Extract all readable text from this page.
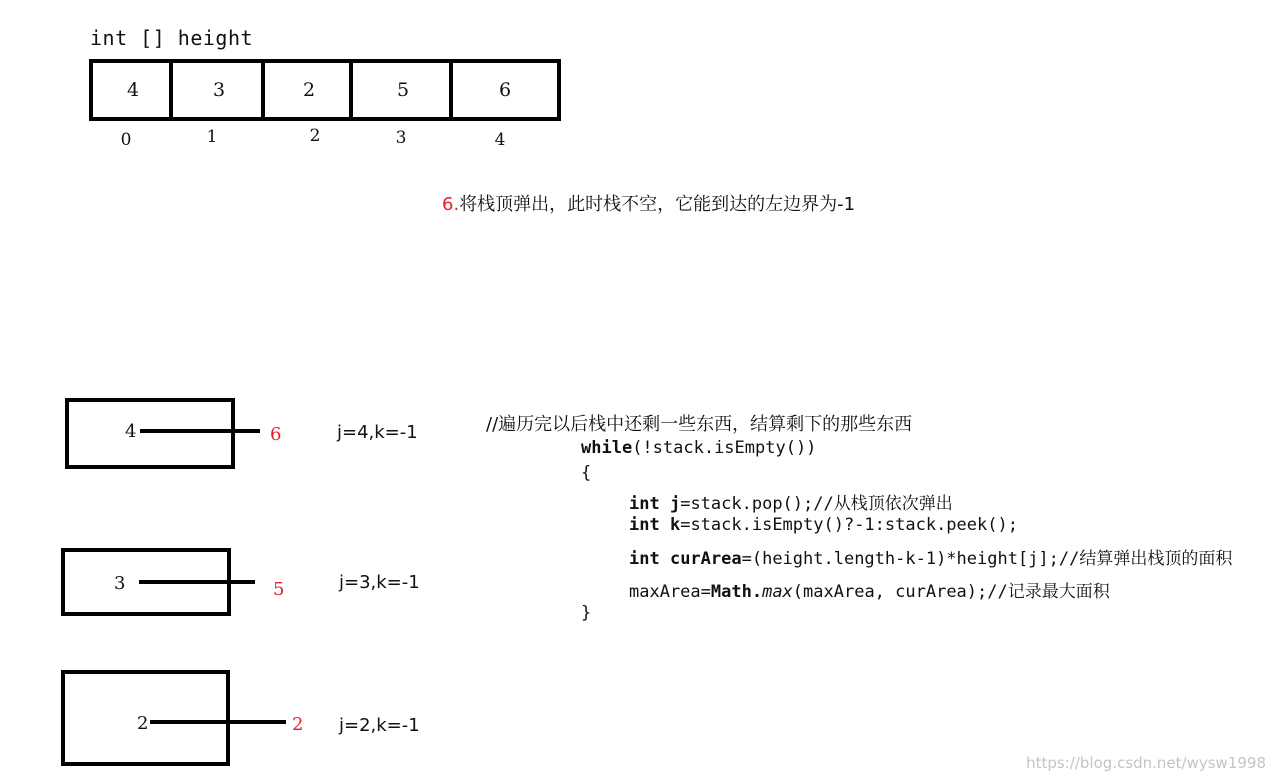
int [] height
4	3	2	5	6
0	1	2	3	4
6.将栈顶弹出，此时栈不空，它能到达的左边界为-1
4	6	j=4,k=-1
3	5	j=3,k=-1
2	2 j=2,k=-1
//遍历完以后栈中还剩一些东西，结算剩下的那些东西
while(!stack.isEmpty())
{
int j=stack.pop();//从栈顶依次弹出
int k=stack.isEmpty()?-1:stack.peek();
int curArea=(height.length-k-1)*height[j];//结算弹出栈顶的面积
maxArea=Math.max(maxArea, curArea);//记录最大面积
}
https://blog.csdn.net/wysw1998
